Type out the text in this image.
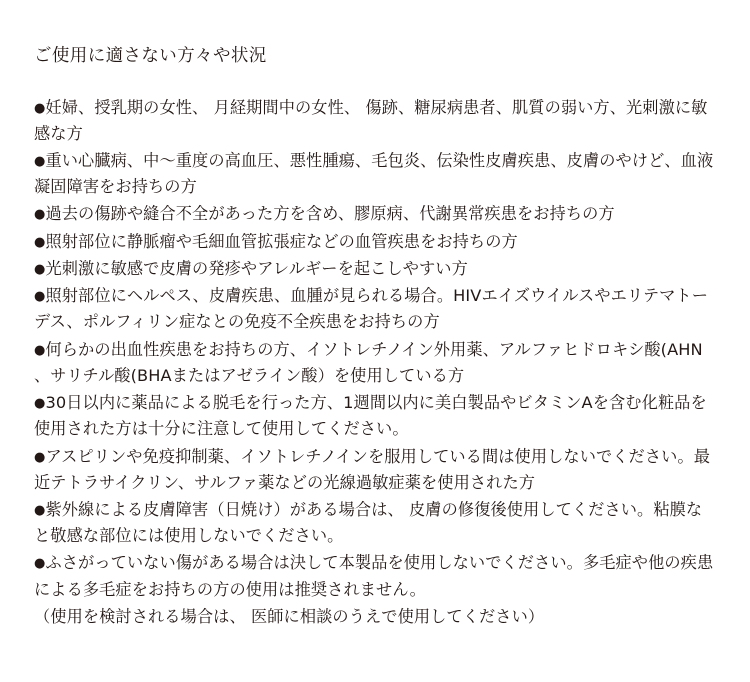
ご使用に適さない方々や状況

●妊婦、授乳期の女性、 月経期間中の女性、 傷跡、糖尿病患者、肌質の弱い方、光刺激に敏感な方

●重い心臓病、中〜重度の高血圧、悪性腫瘍、毛包炎、伝染性皮膚疾患、皮膚のやけど、血液凝固障害をお持ちの方

●過去の傷跡や縫合不全があった方を含め、膠原病、代謝異常疾患をお持ちの方

●照射部位に静脈瘤や毛細血管拡張症などの血管疾患をお持ちの方

●光刺激に敏感で皮膚の発疹やアレルギーを起こしやすい方

●照射部位にヘルペス、皮膚疾患、血腫が見られる場合。HIVエイズウイルスやエリテマトーデス、ポルフィリン症なとの免疫不全疾患をお持ちの方

●何らかの出血性疾患をお持ちの方、イソトレチノイン外用薬、アルファヒドロキシ酸(AHN 、サリチル酸(BHAまたはアゼライン酸）を使用している方

●30日以内に薬品による脱毛を行った方、1週間以内に美白製品やビタミンAを含む化粧品を使用された方は十分に注意して使用してください。

●アスピリンや免疫抑制薬、イソトレチノインを服用している間は使用しないでください。最近テトラサイクリン、サルファ薬などの光線過敏症薬を使用された方

●紫外線による皮膚障害（日焼け）がある場合は、 皮膚の修復後使用してください。粘膜なと敬感な部位には使用しないでください。

●ふさがっていない傷がある場合は決して本製品を使用しないでください。多毛症や他の疾患による多毛症をお持ちの方の使用は推奨されません。

（使用を検討される場合は、 医師に相談のうえで使用してください）
